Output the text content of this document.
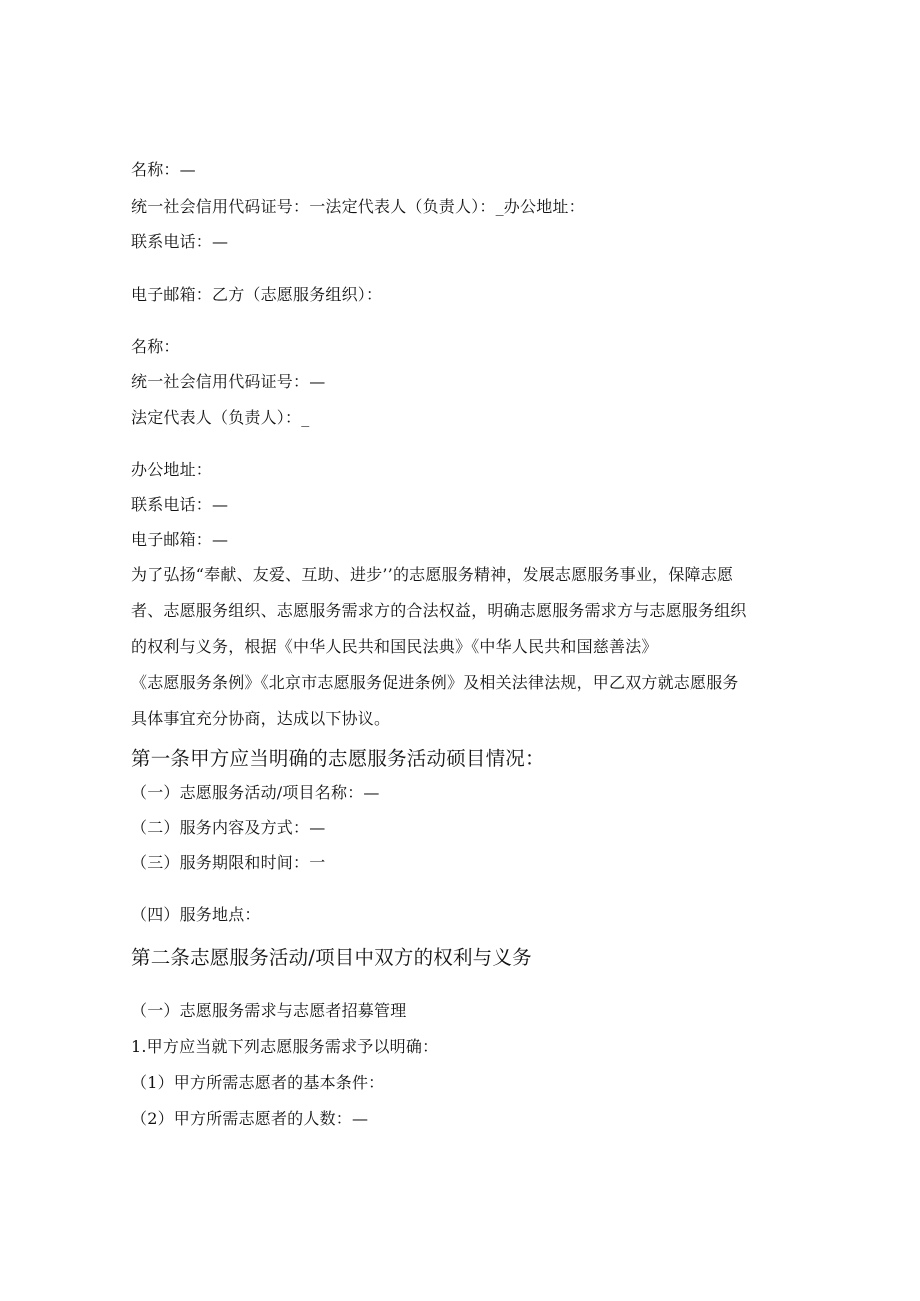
名称：—
统一社会信用代码证号：一法定代表人（负责人）：_办公地址：
联系电话：—
电子邮箱：乙方（志愿服务组织）：
名称：
统一社会信用代码证号：—
法定代表人（负责人）：_
办公地址：
联系电话：—
电子邮箱：—
为了弘扬“奉献、友爱、互助、进步’’的志愿服务精神，发展志愿服务事业，保障志愿
者、志愿服务组织、志愿服务需求方的合法权益，明确志愿服务需求方与志愿服务组织
的权利与义务，根据《中华人民共和国民法典》《中华人民共和国慈善法》
《志愿服务条例》《北京市志愿服务促进条例》及相关法律法规，甲乙双方就志愿服务
具体事宜充分协商，达成以下协议。
第一条甲方应当明确的志愿服务活动硕目情况：
（一）志愿服务活动/项目名称：—
（二）服务内容及方式：—
（三）服务期限和时间：一
（四）服务地点：
第二条志愿服务活动/项目中双方的权利与义务
（一）志愿服务需求与志愿者招募管理
1.甲方应当就下列志愿服务需求予以明确：
（1）甲方所需志愿者的基本条件：
（2）甲方所需志愿者的人数：—
